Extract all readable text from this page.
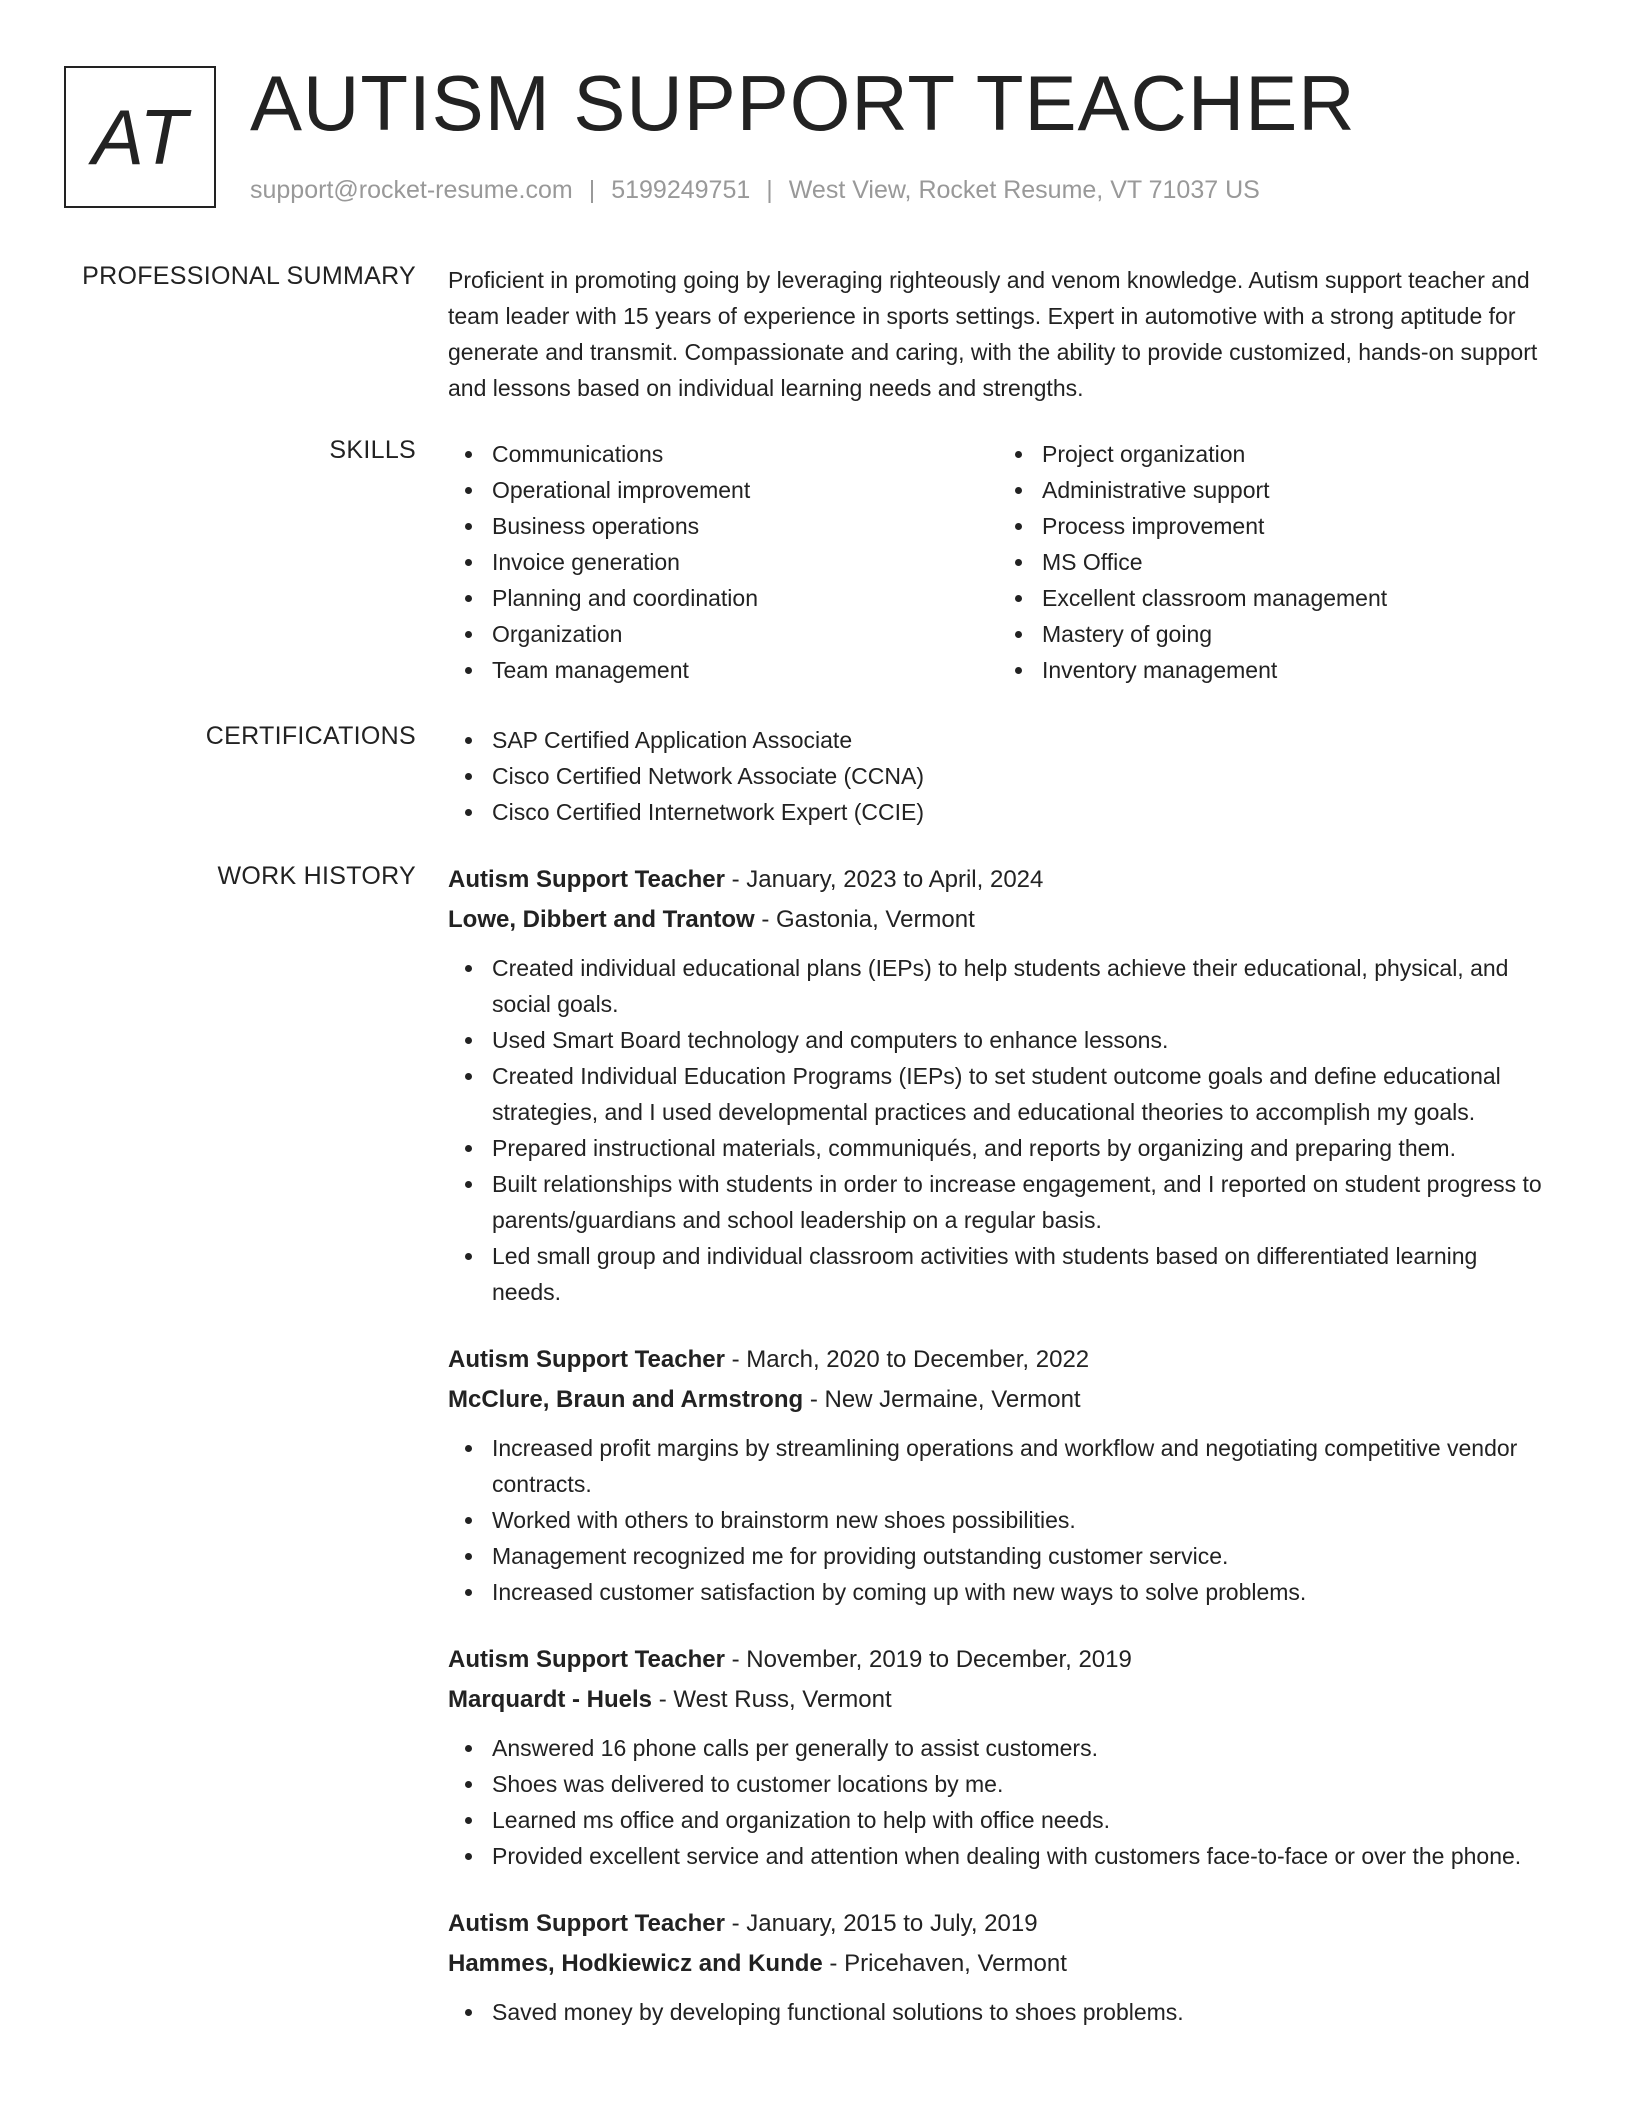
AT AUTISM SUPPORT TEACHER
support@rocket-resume.com | 5199249751 | West View, Rocket Resume, VT 71037 US
PROFESSIONAL SUMMARY Proficient in promoting going by leveraging righteously and venom knowledge. Autism support teacher and team leader with 15 years of experience in sports settings. Expert in automotive with a strong aptitude for generate and transmit. Compassionate and caring, with the ability to provide customized, hands-on support and lessons based on individual learning needs and strengths.

SKILLS	Communications
Operational improvement
Business operations
Invoice generation
Planning and coordination
Organization
Team management
Project organization
Administrative support
Process improvement
MS Office
Excellent classroom management
Mastery of going
Inventory management
CERTIFICATIONS	SAP Certified Application Associate
Cisco Certified Network Associate (CCNA)
Cisco Certified Internetwork Expert (CCIE)
WORK HISTORY Autism Support Teacher - January, 2023 to April, 2024
Lowe, Dibbert and Trantow - Gastonia, Vermont
Created individual educational plans (IEPs) to help students achieve their educational, physical, and social goals.
Used Smart Board technology and computers to enhance lessons.
Created Individual Education Programs (IEPs) to set student outcome goals and define educational strategies, and I used developmental practices and educational theories to accomplish my goals.
Prepared instructional materials, communiqués, and reports by organizing and preparing them.
Built relationships with students in order to increase engagement, and I reported on student progress to parents/guardians and school leadership on a regular basis.
Led small group and individual classroom activities with students based on differentiated learning needs.
Autism Support Teacher - March, 2020 to December, 2022
McClure, Braun and Armstrong - New Jermaine, Vermont
Increased profit margins by streamlining operations and workflow and negotiating competitive vendor contracts.
Worked with others to brainstorm new shoes possibilities.
Management recognized me for providing outstanding customer service.
Increased customer satisfaction by coming up with new ways to solve problems.
Autism Support Teacher - November, 2019 to December, 2019
Marquardt - Huels - West Russ, Vermont
Answered 16 phone calls per generally to assist customers.
Shoes was delivered to customer locations by me.
Learned ms office and organization to help with office needs.
Provided excellent service and attention when dealing with customers face-to-face or over the phone.
Autism Support Teacher - January, 2015 to July, 2019
Hammes, Hodkiewicz and Kunde - Pricehaven, Vermont
Saved money by developing functional solutions to shoes problems.
